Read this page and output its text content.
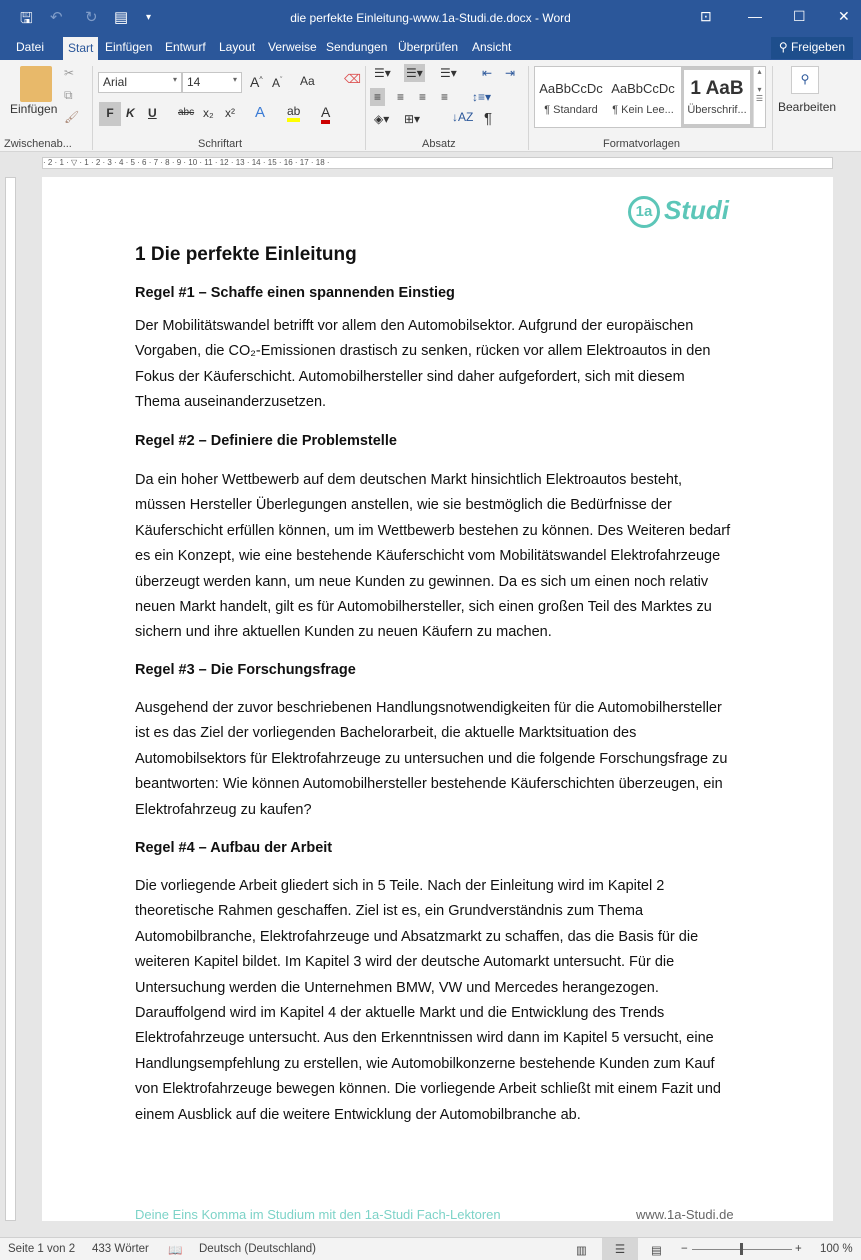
🖫 ↶ ↻ ▤ ▾	die perfekte Einleitung-www.1a-Studi.de.docx - Word	⊡	— ☐ ✕
Datei	Start Einfügen Entwurf Layout Verweise Sendungen Überprüfen Ansicht	⚲ Freigeben
Einfügen
✂
⧉
🖌
Arial	▾ 14	▾ A^ $A^ˇ$ Aa ⌫
F	K U abc x₂ x² A ab A
☰▾ ☰▾ ☰▾ ⇤ ⇥
≡	≡ ≡ ≡ ↕≡▾
◈▾ ⊞▾	↓AZ ¶
AaBbCcDc
¶ Standard
AaBbCcDc
¶ Kein Lee...
1 AaB
Überschrif...
▴

▾
☰
⚲
Bearbeiten
Zwischenab...	Schriftart	Absatz	Formatvorlagen
· 2 · 1 · ▽ · 1 · 2 · 3 · 4 · 5 · 6 · 7 · 8 · 9 · 10 · 11 · 12 · 13 · 14 · 15 · 16 · 17 · 18 ·
1a Studi
1 Die perfekte Einleitung
Regel #1 – Schaffe einen spannenden Einstieg
Der Mobilitätswandel betrifft vor allem den Automobilsektor. Aufgrund der europäischen
Vorgaben, die CO₂-Emissionen drastisch zu senken, rücken vor allem Elektroautos in den
Fokus der Käuferschicht. Automobilhersteller sind daher aufgefordert, sich mit diesem
Thema auseinanderzusetzen.
Regel #2 – Definiere die Problemstelle
Da ein hoher Wettbewerb auf dem deutschen Markt hinsichtlich Elektroautos besteht,
müssen Hersteller Überlegungen anstellen, wie sie bestmöglich die Bedürfnisse der
Käuferschicht erfüllen können, um im Wettbewerb bestehen zu können. Des Weiteren bedarf
es ein Konzept, wie eine bestehende Käuferschicht vom Mobilitätswandel Elektrofahrzeuge
überzeugt werden kann, um neue Kunden zu gewinnen. Da es sich um einen noch relativ
neuen Markt handelt, gilt es für Automobilhersteller, sich einen großen Teil des Marktes zu
sichern und ihre aktuellen Kunden zu neuen Käufern zu machen.
Regel #3 – Die Forschungsfrage
Ausgehend der zuvor beschriebenen Handlungsnotwendigkeiten für die Automobilhersteller
ist es das Ziel der vorliegenden Bachelorarbeit, die aktuelle Marktsituation des
Automobilsektors für Elektrofahrzeuge zu untersuchen und die folgende Forschungsfrage zu
beantworten: Wie können Automobilhersteller bestehende Käuferschichten überzeugen, ein
Elektrofahrzeug zu kaufen?
Regel #4 – Aufbau der Arbeit
Die vorliegende Arbeit gliedert sich in 5 Teile. Nach der Einleitung wird im Kapitel 2
theoretische Rahmen geschaffen. Ziel ist es, ein Grundverständnis zum Thema
Automobilbranche, Elektrofahrzeuge und Absatzmarkt zu schaffen, das die Basis für die
weiteren Kapitel bildet. Im Kapitel 3 wird der deutsche Automarkt untersucht. Für die
Untersuchung werden die Unternehmen BMW, VW und Mercedes herangezogen.
Darauffolgend wird im Kapitel 4 der aktuelle Markt und die Entwicklung des Trends
Elektrofahrzeuge untersucht. Aus den Erkenntnissen wird dann im Kapitel 5 versucht, eine
Handlungsempfehlung zu erstellen, wie Automobilkonzerne bestehende Kunden zum Kauf
von Elektrofahrzeuge bewegen können. Die vorliegende Arbeit schließt mit einem Fazit und
einem Ausblick auf die weitere Entwicklung der Automobilbranche ab.
Deine Eins Komma im Studium mit den 1a-Studi Fach-Lektoren	www.1a-Studi.de
Seite 1 von 2 433 Wörter 📖 Deutsch (Deutschland)	▥	☰	▤ −	+ 100 %
